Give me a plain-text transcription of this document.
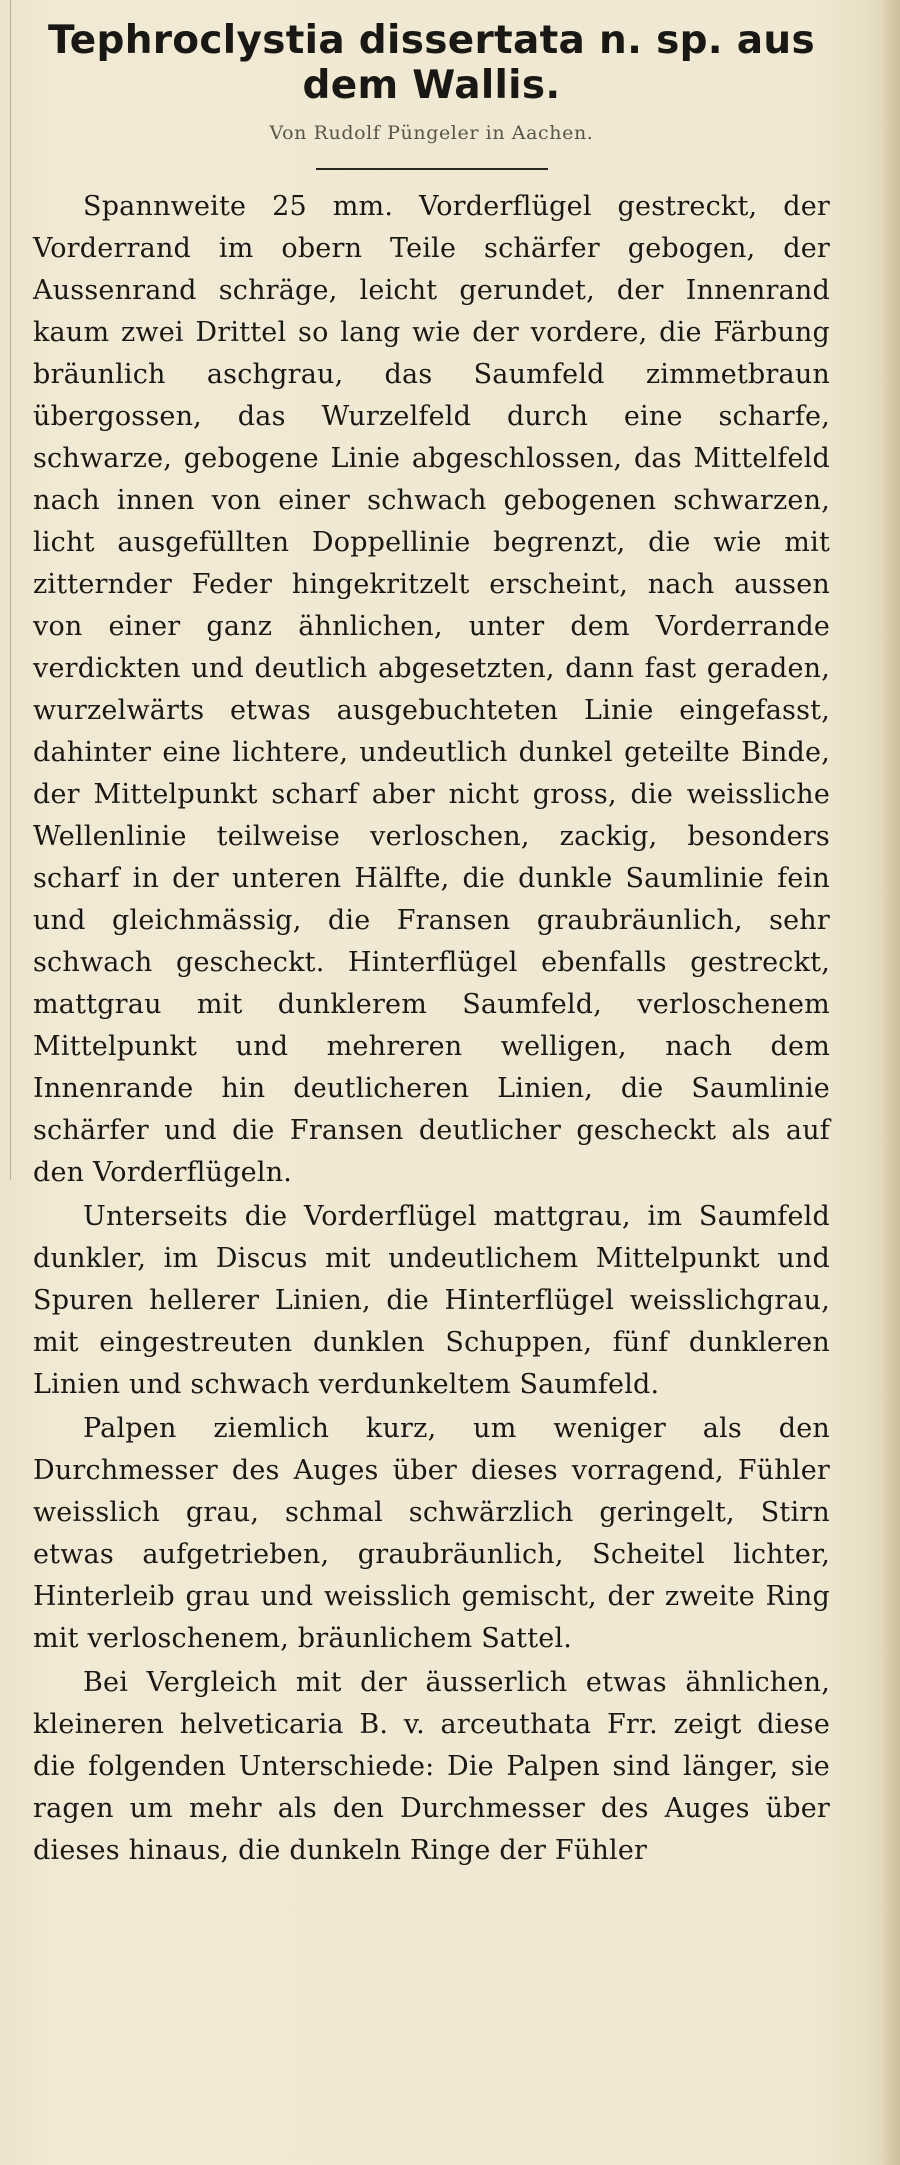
Tephroclystia dissertata n. sp. aus dem Wallis.

Von Rudolf Püngeler in Aachen.

Spannweite 25 mm. Vorderflügel gestreckt, der Vorderrand im obern Teile schärfer gebogen, der Aussenrand schräge, leicht gerundet, der Innenrand kaum zwei Drittel so lang wie der vordere, die Färbung bräunlich aschgrau, das Saumfeld zimmetbraun übergossen, das Wurzelfeld durch eine scharfe, schwarze, gebogene Linie abgeschlossen, das Mittelfeld nach innen von einer schwach gebogenen schwarzen, licht ausgefüllten Doppellinie begrenzt, die wie mit zitternder Feder hingekritzelt erscheint, nach aussen von einer ganz ähnlichen, unter dem Vorderrande verdickten und deutlich abgesetzten, dann fast geraden, wurzelwärts etwas ausgebuchteten Linie eingefasst, dahinter eine lichtere, undeutlich dunkel geteilte Binde, der Mittelpunkt scharf aber nicht gross, die weissliche Wellenlinie teilweise verloschen, zackig, besonders scharf in der unteren Hälfte, die dunkle Saumlinie fein und gleichmässig, die Fransen graubräunlich, sehr schwach gescheckt. Hinterflügel ebenfalls gestreckt, mattgrau mit dunklerem Saumfeld, verloschenem Mittelpunkt und mehreren welligen, nach dem Innenrande hin deutlicheren Linien, die Saumlinie schärfer und die Fransen deutlicher gescheckt als auf den Vorderflügeln.

Unterseits die Vorderflügel mattgrau, im Saumfeld dunkler, im Discus mit undeutlichem Mittelpunkt und Spuren hellerer Linien, die Hinterflügel weisslichgrau, mit eingestreuten dunklen Schuppen, fünf dunkleren Linien und schwach verdunkeltem Saumfeld.

Palpen ziemlich kurz, um weniger als den Durchmesser des Auges über dieses vorragend, Fühler weisslich grau, schmal schwärzlich geringelt, Stirn etwas aufgetrieben, graubräunlich, Scheitel lichter, Hinterleib grau und weisslich gemischt, der zweite Ring mit verloschenem, bräunlichem Sattel.

Bei Vergleich mit der äusserlich etwas ähnlichen, kleineren helveticaria B. v. arceuthata Frr. zeigt diese die folgenden Unterschiede: Die Palpen sind länger, sie ragen um mehr als den Durchmesser des Auges über dieses hinaus, die dunkeln Ringe der Fühler
